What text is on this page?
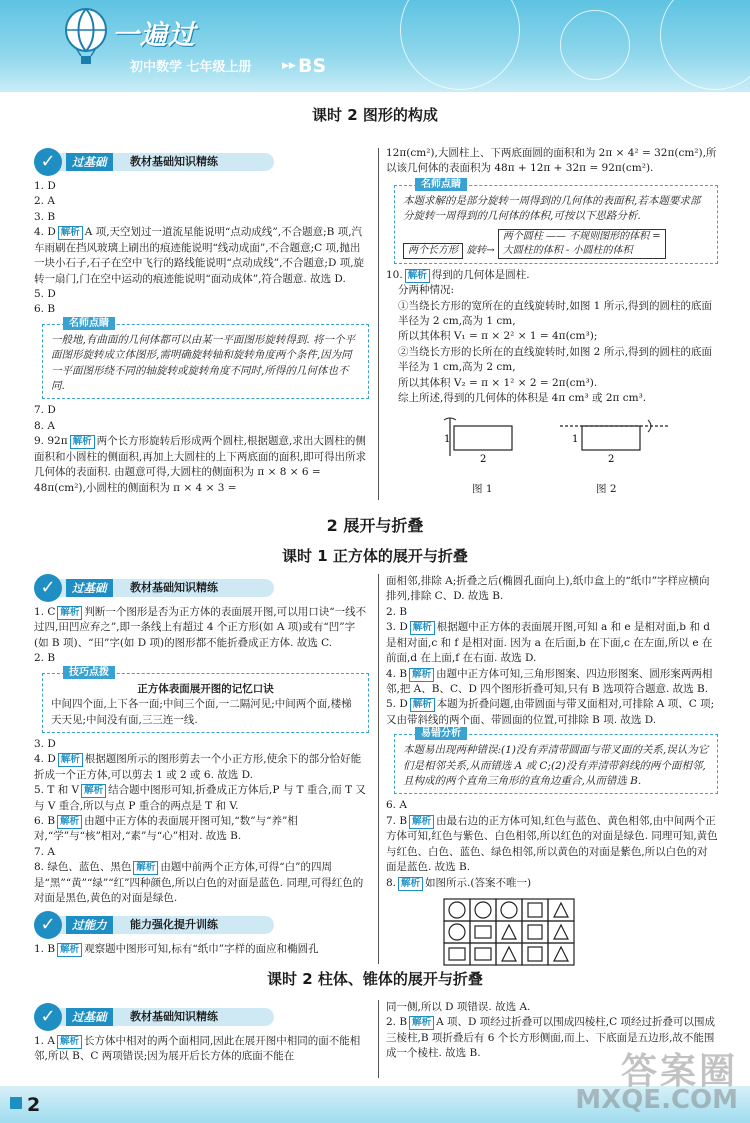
一遍过
初中数学 七年级上册	▶▶ BS
课时 2 图形的构成
✓	过基础	教材基础知识精练

1. D

2. A

3. B

4. D 解析 A 项,天空划过一道流星能说明“点动成线”,不合题意;B 项,汽车雨刷在挡风玻璃上刷出的痕迹能说明“线动成面”,不合题意;C 项,抛出一块小石子,石子在空中飞行的路线能说明“点动成线”,不合题意;D 项,旋转一扇门,门在空中运动的痕迹能说明“面动成体”,符合题意. 故选 D.

5. D

6. B

名师点睛

一般地,有曲面的几何体都可以由某一平面图形旋转得到. 将一个平面图形旋转成立体图形,需明确旋转轴和旋转角度两个条件,因为同一平面图形绕不同的轴旋转或旋转角度不同时,所得的几何体也不同.

7. D

8. A

9. 92π 解析 两个长方形旋转后形成两个圆柱,根据题意,求出大圆柱的侧面积和小圆柱的侧面积,再加上大圆柱的上下两底面的面积,即可得出所求几何体的表面积. 由题意可得,大圆柱的侧面积为 π × 8 × 6 = 48π(cm²),小圆柱的侧面积为 π × 4 × 3 =

12π(cm²),大圆柱上、下两底面圆的面积和为 2π × 4² = 32π(cm²),所以该几何体的表面积为 48π + 12π + 32π = 92π(cm²).

名师点睛

本题求解的是部分旋转一周得到的几何体的表面积,若本题要求部分旋转一周得到的几何体的体积,可按以下思路分析.

两个长方形 旋转→ 两个圆柱 —— 不规则图形的体积 =
大圆柱的体积 - 小圆柱的体积

10. 解析 得到的几何体是圆柱.

分两种情况:

①当绕长方形的宽所在的直线旋转时,如图 1 所示,得到的圆柱的底面半径为 2 cm,高为 1 cm,

所以其体积 V₁ = π × 2² × 1 = 4π(cm³);

②当绕长方形的长所在的直线旋转时,如图 2 所示,得到的圆柱的底面半径为 1 cm,高为 2 cm,

所以其体积 V₂ = π × 1² × 2 = 2π(cm³).

综上所述,得到的几何体的体积是 4π cm³ 或 2π cm³.

1
2
1
2
图 1	图 2
2 展开与折叠
课时 1 正方体的展开与折叠
✓	过基础	教材基础知识精练

1. C 解析 判断一个图形是否为正方体的表面展开图,可以用口诀“一线不过四,田凹应弃之”,即一条线上有超过 4 个正方形(如 A 项)或有“凹”字(如 B 项)、“田”字(如 D 项)的图形都不能折叠成正方体. 故选 C.

2. B

技巧点拨

正方体表面展开图的记忆口诀

中间四个面,上下各一面;中间三个面,一二隔河见;中间两个面,楼梯天天见;中间没有面,三三连一线.

3. D

4. D 解析 根据题图所示的图形剪去一个小正方形,使余下的部分恰好能折成一个正方体,可以剪去 1 或 2 或 6. 故选 D.

5. T 和 V 解析 结合题中图形可知,折叠成正方体后,P 与 T 重合,而 T 又与 V 重合,所以与点 P 重合的两点是 T 和 V.

6. B 解析 由题中正方体的表面展开图可知,“数”与“养”相对,“学”与“核”相对,“素”与“心”相对. 故选 B.

7. A

8. 绿色、蓝色、黑色 解析 由题中前两个正方体,可得“白”的四周是“黑”“黄”“绿”“红”四种颜色,所以白色的对面是蓝色. 同理,可得红色的对面是黑色,黄色的对面是绿色.

✓	过能力	能力强化提升训练

1. B 解析 观察题中图形可知,标有“纸巾”字样的面应和椭圆孔

面相邻,排除 A;折叠之后(椭圆孔面向上),纸巾盒上的“纸巾”字样应横向排列,排除 C、D. 故选 B.

2. B

3. D 解析 根据题中正方体的表面展开图,可知 a 和 e 是相对面,b 和 d 是相对面,c 和 f 是相对面. 因为 a 在后面,b 在下面,c 在左面,所以 e 在前面,d 在上面,f 在右面. 故选 D.

4. B 解析 由题中正方体可知,三角形图案、四边形图案、圆形案两两相邻,把 A、B、C、D 四个图形折叠可知,只有 B 选项符合题意. 故选 B.

5. D 解析 本题为折叠问题,由带圆面与带叉面相对,可排除 A 项、C 项;又由带斜线的两个面、带圆面的位置,可排除 B 项. 故选 D.

易错分析

本题易出现两种错误:(1)没有弄清带圆面与带叉面的关系,误认为它们是相邻关系,从而错选 A 或 C;(2)没有弄清带斜线的两个面相邻,且构成的两个直角三角形的直角边重合,从而错选 B.

6. A

7. B 解析 由最右边的正方体可知,红色与蓝色、黄色相邻,由中间两个正方体可知,红色与紫色、白色相邻,所以红色的对面是绿色. 同理可知,黄色与红色、白色、蓝色、绿色相邻,所以黄色的对面是紫色,所以白色的对面是蓝色. 故选 B.

8. 解析 如图所示.(答案不唯一)

课时 2 柱体、锥体的展开与折叠
✓	过基础	教材基础知识精练

1. A 解析 长方体中相对的两个面相同,因此在展开图中相同的面不能相邻,所以 B、C 两项错误;因为展开后长方体的底面不能在

同一侧,所以 D 项错误. 故选 A.

2. B 解析 A 项、D 项经过折叠可以围成四棱柱,C 项经过折叠可以围成三棱柱,B 项折叠后有 6 个长方形侧面,而上、下底面是五边形,故不能围成一个棱柱. 故选 B.

2
答案圈
MXQE.COM
